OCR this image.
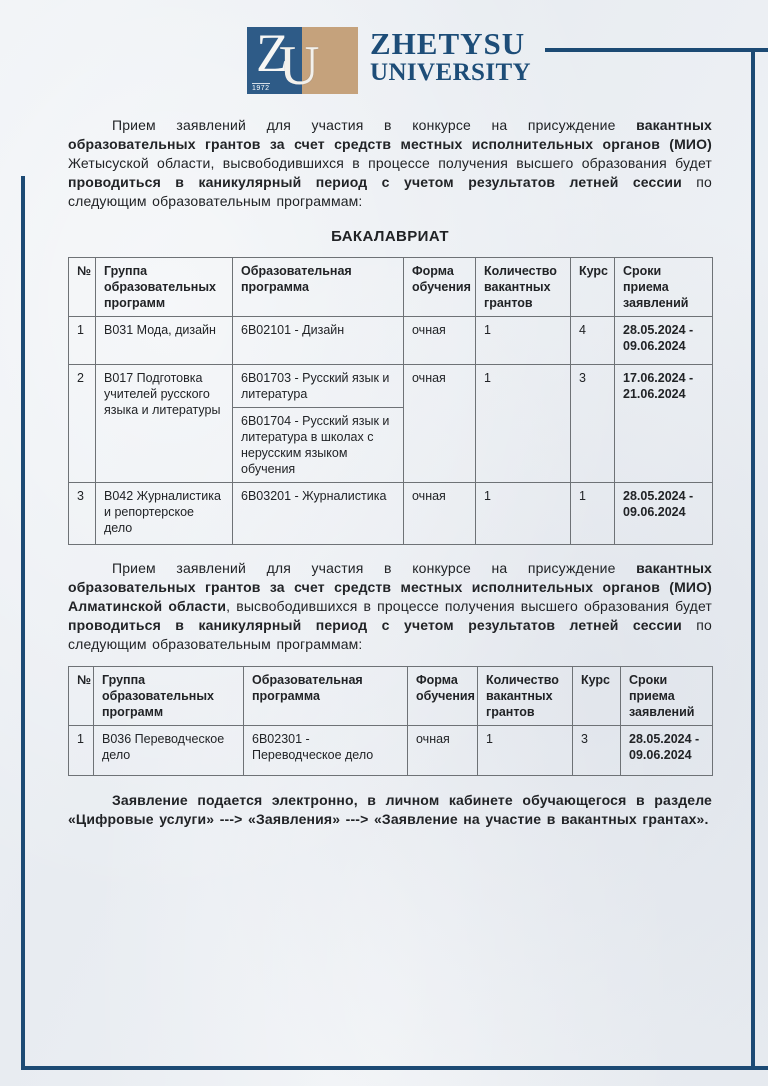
Z
U
1972
ZHETYSU
UNIVERSITY

Прием заявлений для участия в конкурсе на присуждение вакантных образовательных грантов за счет средств местных исполнительных органов (МИО) Жетысуской области, высвободившихся в процессе получения высшего образования будет проводиться в каникулярный период с учетом результатов летней сессии по следующим образовательным программам:

БАКАЛАВРИАТ
№	Группа образовательных программ	Образовательная программа	Форма обучения	Количество вакантных грантов	Курс	Сроки приема заявлений
1	B031 Мода, дизайн	6B02101 - Дизайн	очная	1	4	28.05.2024 - 09.06.2024
2	B017 Подготовка учителей русского языка и литературы	6B01703 - Русский язык и литература	очная	1	3	17.06.2024 - 21.06.2024
		6B01704 - Русский язык и литература в школах с нерусским языком обучения				
3	B042 Журналистика и репортерское дело	6B03201 - Журналистика	очная	1	1	28.05.2024 - 09.06.2024

Прием заявлений для участия в конкурсе на присуждение вакантных образовательных грантов за счет средств местных исполнительных органов (МИО) Алматинской области, высвободившихся в процессе получения высшего образования будет проводиться в каникулярный период с учетом результатов летней сессии по следующим образовательным программам:

№	Группа образовательных программ	Образовательная программа	Форма обучения	Количество вакантных грантов	Курс	Сроки приема заявлений
1	B036 Переводческое дело	6B02301 - Переводческое дело	очная	1	3	28.05.2024 - 09.06.2024

Заявление подается электронно, в личном кабинете обучающегося в разделе «Цифровые услуги» ---> «Заявления» ---> «Заявление на участие в вакантных грантах».
